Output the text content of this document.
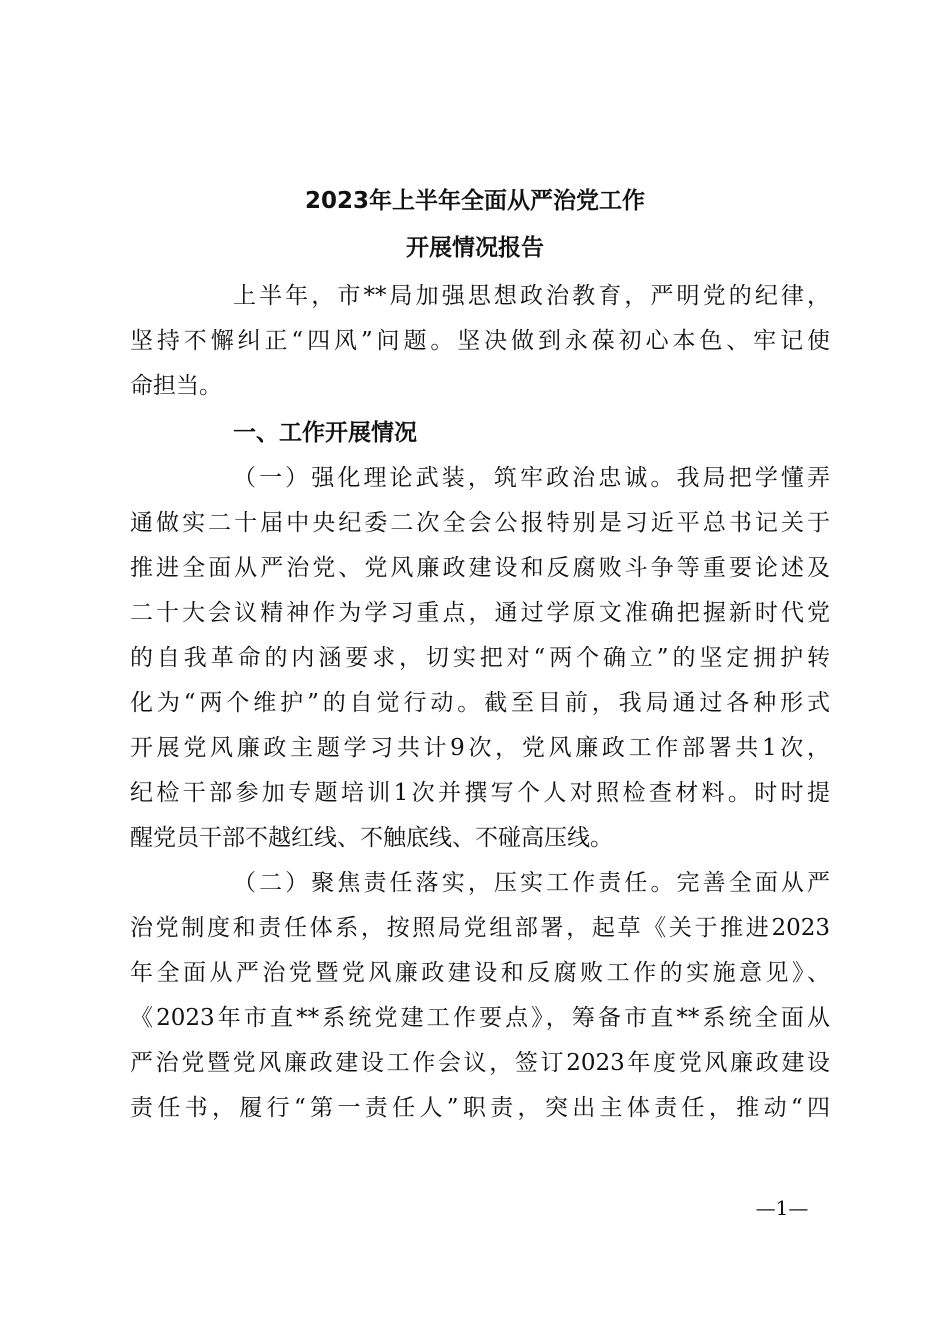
2023年上半年全面从严治党工作
开展情况报告
上半年，市**局加强思想政治教育，严明党的纪律，
坚持不懈纠正“四风”问题。坚决做到永葆初心本色、牢记使
命担当。
一、工作开展情况
（一）强化理论武装，筑牢政治忠诚。我局把学懂弄
通做实二十届中央纪委二次全会公报特别是习近平总书记关于
推进全面从严治党、党风廉政建设和反腐败斗争等重要论述及
二十大会议精神作为学习重点，通过学原文准确把握新时代党
的自我革命的内涵要求，切实把对“两个确立”的坚定拥护转
化为“两个维护”的自觉行动。截至目前，我局通过各种形式
开展党风廉政主题学习共计9次，党风廉政工作部署共1次，
纪检干部参加专题培训1次并撰写个人对照检查材料。时时提
醒党员干部不越红线、不触底线、不碰高压线。
（二）聚焦责任落实，压实工作责任。完善全面从严
治党制度和责任体系，按照局党组部署，起草《关于推进2023
年全面从严治党暨党风廉政建设和反腐败工作的实施意见》、
《2023年市直**系统党建工作要点》，筹备市直**系统全面从
严治党暨党风廉政建设工作会议，签订2023年度党风廉政建设
责任书，履行“第一责任人”职责，突出主体责任，推动“四
—1—
